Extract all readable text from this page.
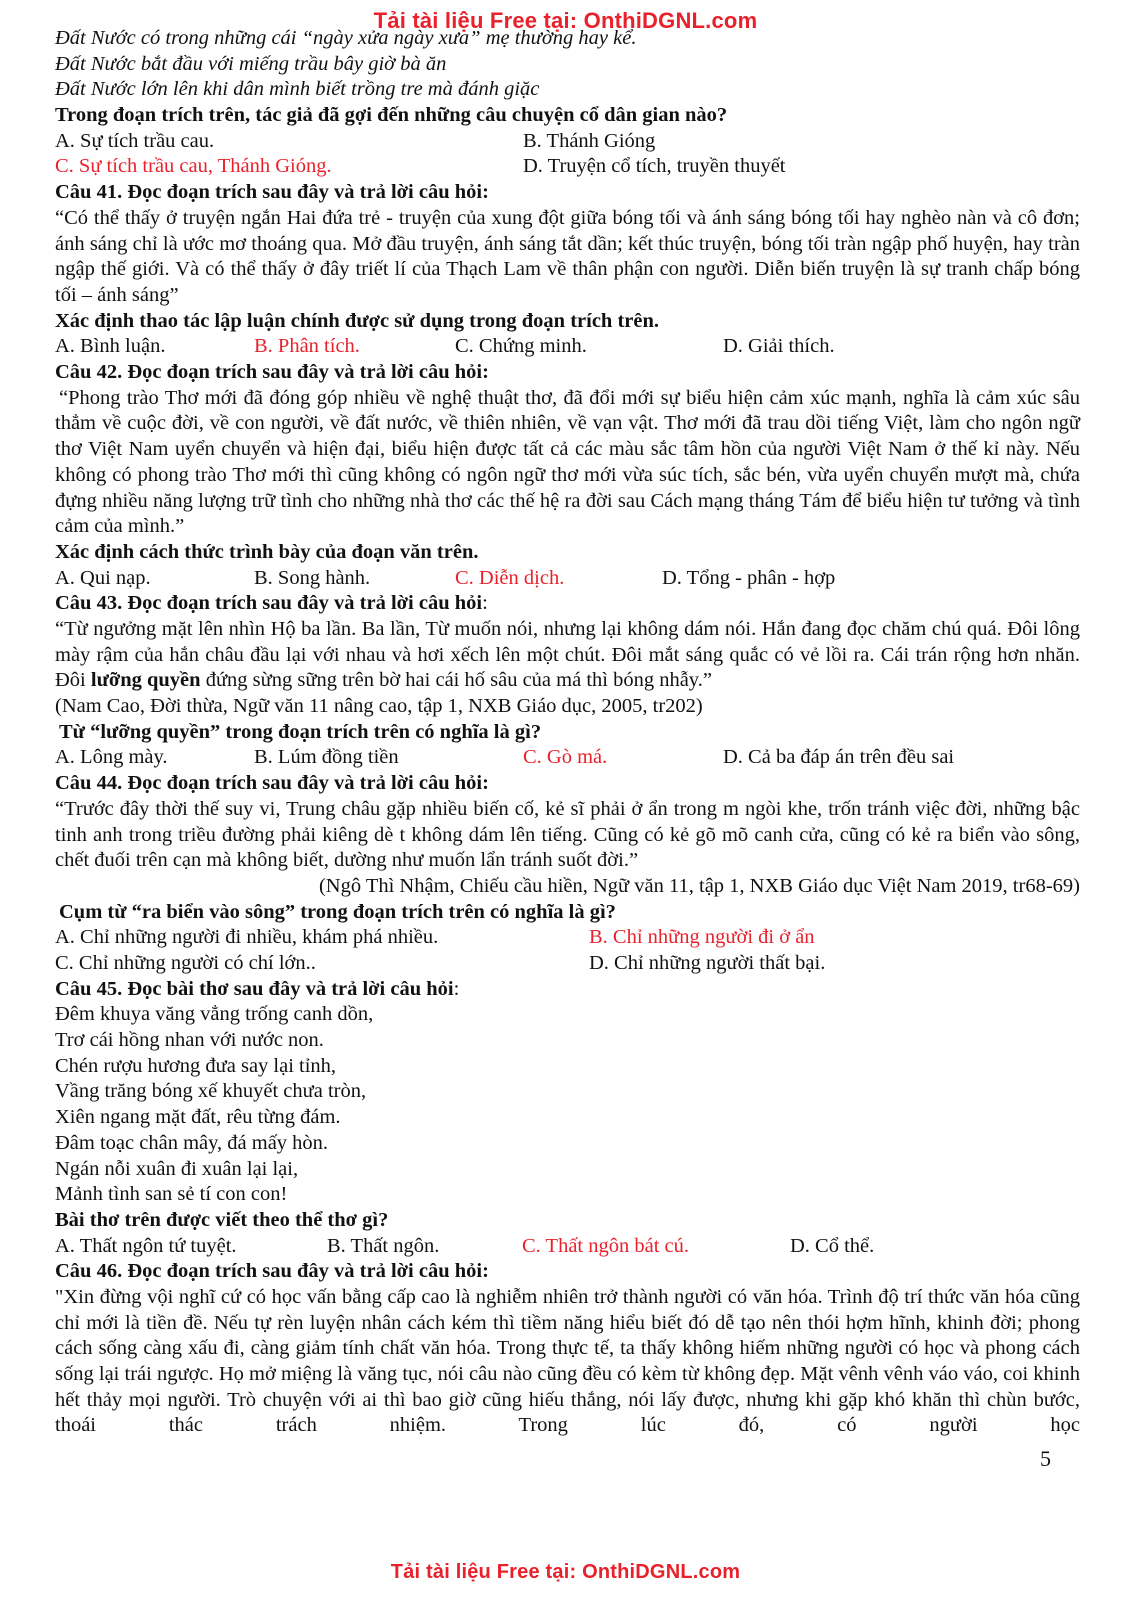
Tải tài liệu Free tại: OnthiDGNL.com
Đất Nước có trong những cái “ngày xửa ngày xưa” mẹ thường hay kể.
Đất Nước bắt đầu với miếng trầu bây giờ bà ăn
Đất Nước lớn lên khi dân mình biết trồng tre mà đánh giặc
Trong đoạn trích trên, tác giả đã gợi đến những câu chuyện cổ dân gian nào?
A. Sự tích trầu cau.	B. Thánh Gióng
C. Sự tích trầu cau, Thánh Gióng.	D. Truyện cổ tích, truyền thuyết
Câu 41. Đọc đoạn trích sau đây và trả lời câu hỏi:
“Có thể thấy ở truyện ngắn Hai đứa trẻ - truyện của xung đột giữa bóng tối và ánh sáng bóng tối hay nghèo nàn và cô đơn; ánh sáng chỉ là ước mơ thoáng qua. Mở đầu truyện, ánh sáng tắt dần; kết thúc truyện, bóng tối tràn ngập phố huyện, hay tràn ngập thế giới. Và có thể thấy ở đây triết lí của Thạch Lam về thân phận con người. Diễn biến truyện là sự tranh chấp bóng tối – ánh sáng”
Xác định thao tác lập luận chính được sử dụng trong đoạn trích trên.
A. Bình luận.	B. Phân tích.	C. Chứng minh.	D. Giải thích.
Câu 42. Đọc đoạn trích sau đây và trả lời câu hỏi:
“Phong trào Thơ mới đã đóng góp nhiều về nghệ thuật thơ, đã đổi mới sự biểu hiện cảm xúc mạnh, nghĩa là cảm xúc sâu thẳm về cuộc đời, về con người, về đất nước, về thiên nhiên, về vạn vật. Thơ mới đã trau dồi tiếng Việt, làm cho ngôn ngữ thơ Việt Nam uyển chuyển và hiện đại, biểu hiện được tất cả các màu sắc tâm hồn của người Việt Nam ở thế kỉ này. Nếu không có phong trào Thơ mới thì cũng không có ngôn ngữ thơ mới vừa súc tích, sắc bén, vừa uyển chuyển mượt mà, chứa đựng nhiều năng lượng trữ tình cho những nhà thơ các thế hệ ra đời sau Cách mạng tháng Tám để biểu hiện tư tưởng và tình cảm của mình.”
Xác định cách thức trình bày của đoạn văn trên.
A. Qui nạp.	B. Song hành.	C. Diễn dịch.	D. Tổng - phân - hợp
Câu 43. Đọc đoạn trích sau đây và trả lời câu hỏi:
“Từ ngưởng mặt lên nhìn Hộ ba lần. Ba lần, Từ muốn nói, nhưng lại không dám nói. Hắn đang đọc chăm chú quá. Đôi lông mày rậm của hắn châu đầu lại với nhau và hơi xếch lên một chút. Đôi mắt sáng quắc có vẻ lồi ra. Cái trán rộng hơn nhăn. Đôi lưỡng quyền đứng sừng sững trên bờ hai cái hố sâu của má thì bóng nhẫy.”
(Nam Cao, Đời thừa, Ngữ văn 11 nâng cao, tập 1, NXB Giáo dục, 2005, tr202)
Từ “lưỡng quyền” trong đoạn trích trên có nghĩa là gì?
A. Lông mày.	B. Lúm đồng tiền	C. Gò má.	D. Cả ba đáp án trên đều sai
Câu 44. Đọc đoạn trích sau đây và trả lời câu hỏi:
“Trước đây thời thế suy vi, Trung châu gặp nhiều biến cố, kẻ sĩ phải ở ẩn trong m ngòi khe, trốn tránh việc đời, những bậc tinh anh trong triều đường phải kiêng dè t không dám lên tiếng. Cũng có kẻ gõ mõ canh cửa, cũng có kẻ ra biển vào sông, chết đuối trên cạn mà không biết, dường như muốn lẩn tránh suốt đời.”
(Ngô Thì Nhậm, Chiếu cầu hiền, Ngữ văn 11, tập 1, NXB Giáo dục Việt Nam 2019, tr68-69)
Cụm từ “ra biển vào sông” trong đoạn trích trên có nghĩa là gì?
A. Chỉ những người đi nhiều, khám phá nhiều.	B. Chỉ những người đi ở ẩn
C. Chỉ những người có chí lớn..	D. Chỉ những người thất bại.
Câu 45. Đọc bài thơ sau đây và trả lời câu hỏi:
Đêm khuya văng vẳng trống canh dồn,
Trơ cái hồng nhan với nước non.
Chén rượu hương đưa say lại tỉnh,
Vầng trăng bóng xế khuyết chưa tròn,
Xiên ngang mặt đất, rêu từng đám.
Đâm toạc chân mây, đá mấy hòn.
Ngán nỗi xuân đi xuân lại lại,
Mảnh tình san sẻ tí con con!
Bài thơ trên được viết theo thể thơ gì?
A. Thất ngôn tứ tuyệt.	B. Thất ngôn.	C. Thất ngôn bát cú.	D. Cổ thể.
Câu 46. Đọc đoạn trích sau đây và trả lời câu hỏi:
"Xin đừng vội nghĩ cứ có học vấn bằng cấp cao là nghiễm nhiên trở thành người có văn hóa. Trình độ trí thức văn hóa cũng chỉ mới là tiền đề. Nếu tự rèn luyện nhân cách kém thì tiềm năng hiểu biết đó dễ tạo nên thói hợm hĩnh, khinh đời; phong cách sống càng xấu đi, càng giảm tính chất văn hóa. Trong thực tế, ta thấy không hiếm những người có học và phong cách sống lại trái ngược. Họ mở miệng là văng tục, nói câu nào cũng đều có kèm từ không đẹp. Mặt vênh vênh váo váo, coi khinh hết thảy mọi người. Trò chuyện với ai thì bao giờ cũng hiếu thắng, nói lấy được, nhưng khi gặp khó khăn thì chùn bước, thoái thác trách nhiệm. Trong lúc đó, có người học
5
Tải tài liệu Free tại: OnthiDGNL.com
